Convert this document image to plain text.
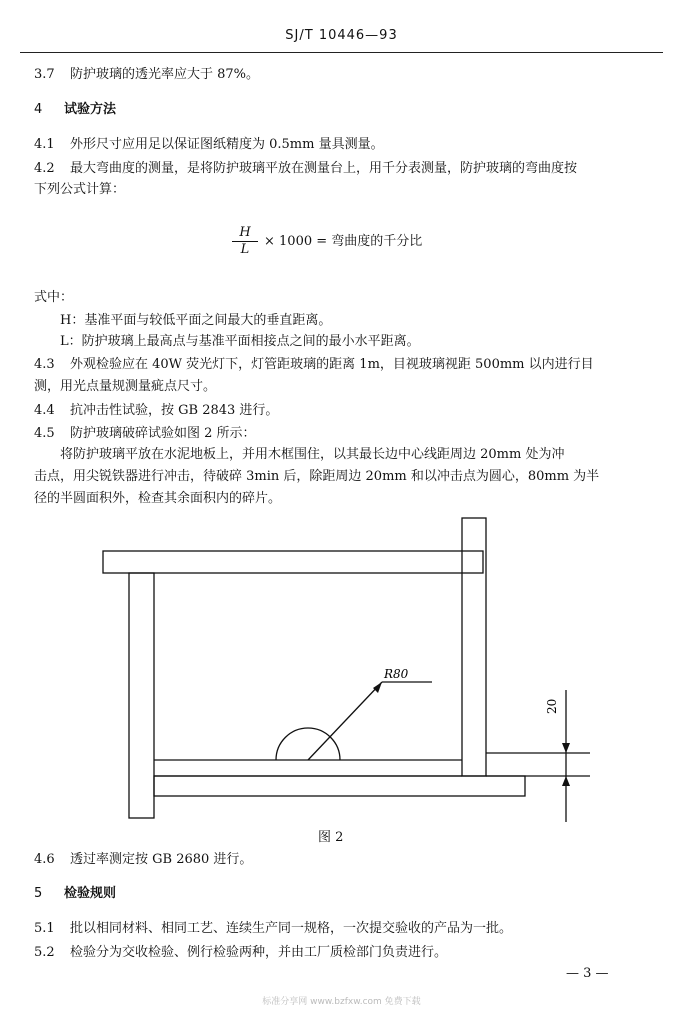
SJ/T 10446—93
3.7 防护玻璃的透光率应大于 87%。
4 试验方法
4.1 外形尺寸应用足以保证图纸精度为 0.5mm 量具测量。
4.2 最大弯曲度的测量，是将防护玻璃平放在测量台上，用千分表测量，防护玻璃的弯曲度按
下列公式计算：
$\frac{H}{L} \times 1000$ = 弯曲度的千分比
式中：
H：基准平面与较低平面之间最大的垂直距离。
L：防护玻璃上最高点与基准平面相接点之间的最小水平距离。
4.3 外观检验应在 40W 荧光灯下，灯管距玻璃的距离 1m，目视玻璃视距 500mm 以内进行目
测，用光点量规测量疵点尺寸。
4.4 抗冲击性试验，按 GB 2843 进行。
4.5 防护玻璃破碎试验如图 2 所示：
将防护玻璃平放在水泥地板上，并用木框围住，以其最长边中心线距周边 20mm 处为冲
击点，用尖锐铁器进行冲击，待破碎 3min 后，除距周边 20mm 和以冲击点为圆心，80mm 为半
径的半圆面积外，检查其余面积内的碎片。
R80
20
图 2
4.6 透过率测定按 GB 2680 进行。
5 检验规则
5.1 批以相同材料、相同工艺、连续生产同一规格，一次提交验收的产品为一批。
5.2 检验分为交收检验、例行检验两种，并由工厂质检部门负责进行。
— 3 —
标准分享网 www.bzfxw.com 免费下载
